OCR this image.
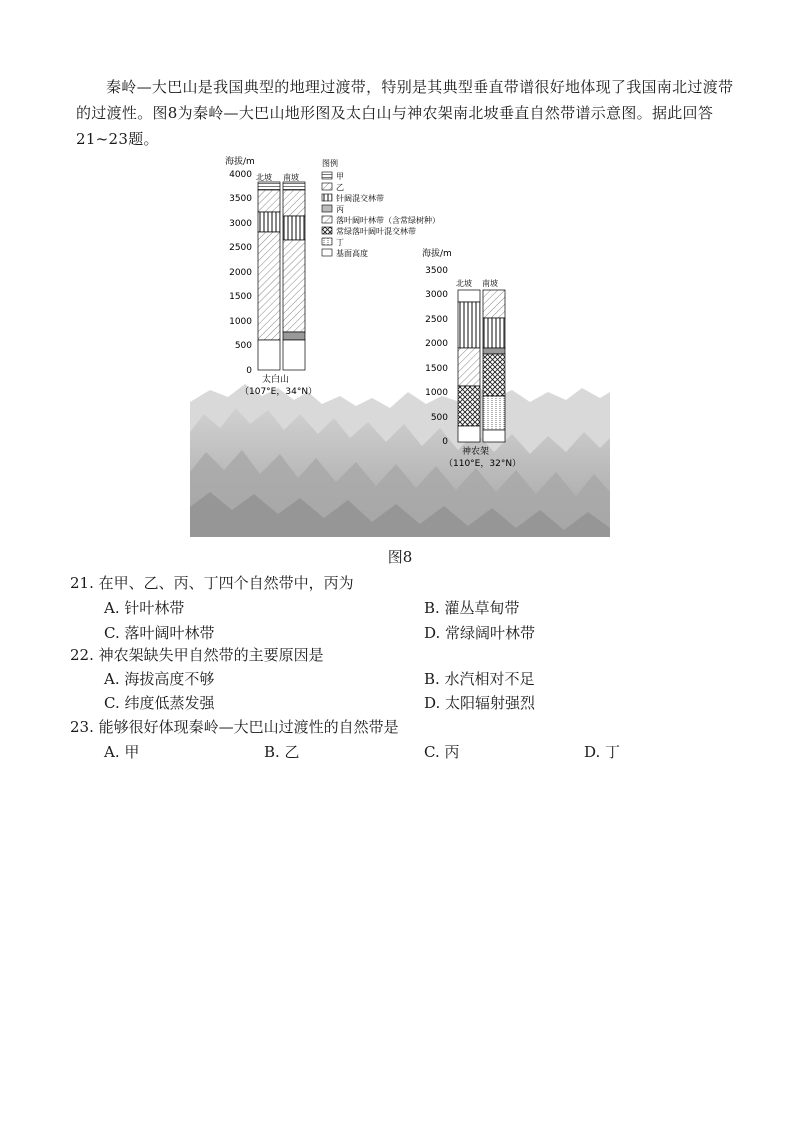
秦岭—大巴山是我国典型的地理过渡带，特别是其典型垂直带谱很好地体现了我国南北过渡带的过渡性。图8为秦岭—大巴山地形图及太白山与神农架南北坡垂直自然带谱示意图。据此回答21~23题。

海拔/m
4000
3500
3000
2500
2000
1500
1000
500
0
北坡 南坡
太白山
（107°E，34°N）
图例
甲
乙
针阔混交林带
丙
落叶阔叶林带（含常绿树种）
常绿落叶阔叶混交林带
丁
基面高度	海拔/m
3500
3000
2500
2000
1500
1000
500
0
北坡 南坡
神农架
（110°E，32°N）
图8

21. 在甲、乙、丙、丁四个自然带中，丙为

A. 针叶林带	B. 灌丛草甸带
C. 落叶阔叶林带	D. 常绿阔叶林带

22. 神农架缺失甲自然带的主要原因是

A. 海拔高度不够	B. 水汽相对不足
C. 纬度低蒸发强	D. 太阳辐射强烈

23. 能够很好体现秦岭—大巴山过渡性的自然带是

A. 甲	B. 乙	C. 丙	D. 丁
